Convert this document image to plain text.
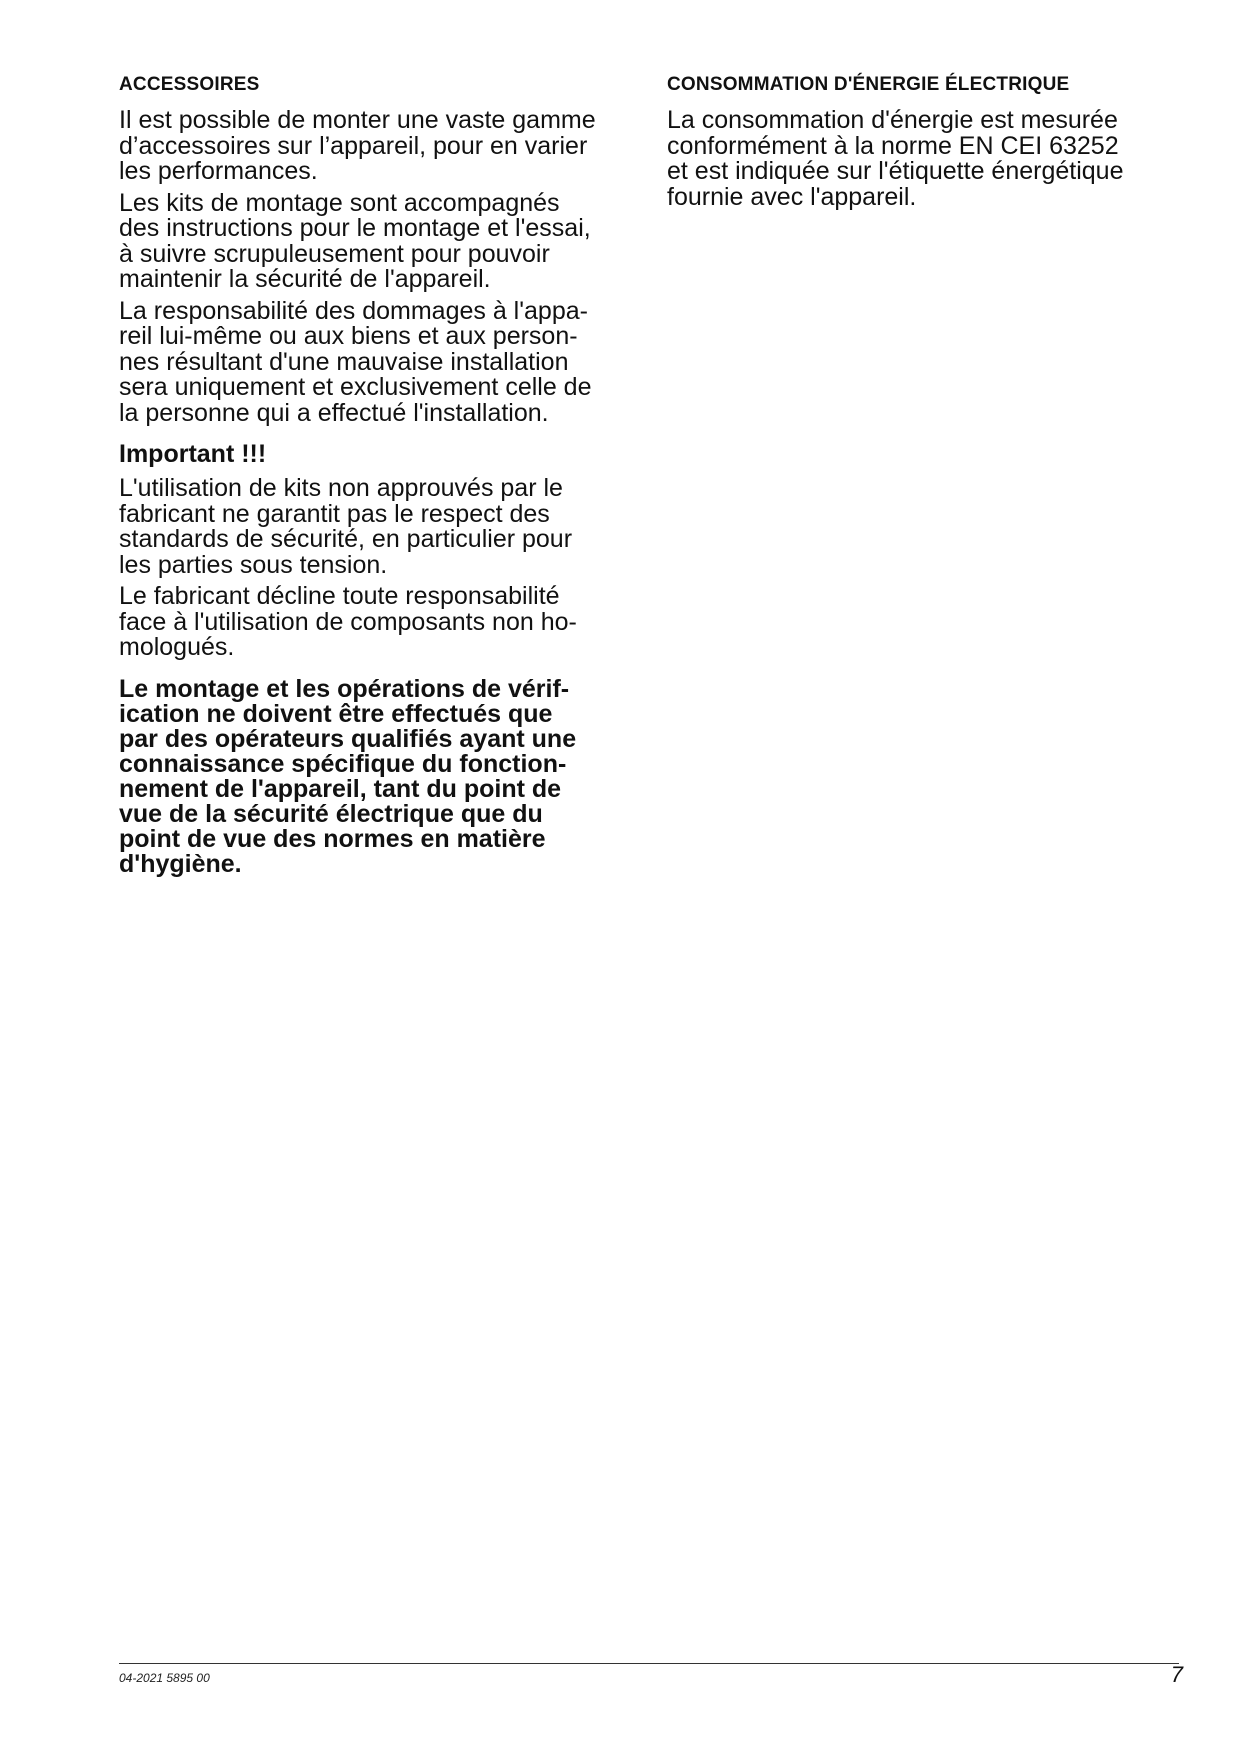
ACCESSOIRES

Il est possible de monter une vaste gamme
d’accessoires sur l’appareil, pour en varier
les performances.

Les kits de montage sont accompagnés
des instructions pour le montage et l'essai,
à suivre scrupuleusement pour pouvoir
maintenir la sécurité de l'appareil.

La responsabilité des dommages à l'appa-
reil lui-même ou aux biens et aux person-
nes résultant d'une mauvaise installation
sera uniquement et exclusivement celle de
la personne qui a effectué l'installation.

Important !!!

L'utilisation de kits non approuvés par le
fabricant ne garantit pas le respect des
standards de sécurité, en particulier pour
les parties sous tension.

Le fabricant décline toute responsabilité
face à l'utilisation de composants non ho-
mologués.

Le montage et les opérations de vérif-
ication ne doivent être effectués que
par des opérateurs qualifiés ayant une
connaissance spécifique du fonction-
nement de l'appareil, tant du point de
vue de la sécurité électrique que du
point de vue des normes en matière
d'hygiène.

CONSOMMATION D'ÉNERGIE ÉLECTRIQUE

La consommation d'énergie est mesurée
conformément à la norme EN CEI 63252
et est indiquée sur l'étiquette énergétique
fournie avec l'appareil.

04-2021 5895 00	7
